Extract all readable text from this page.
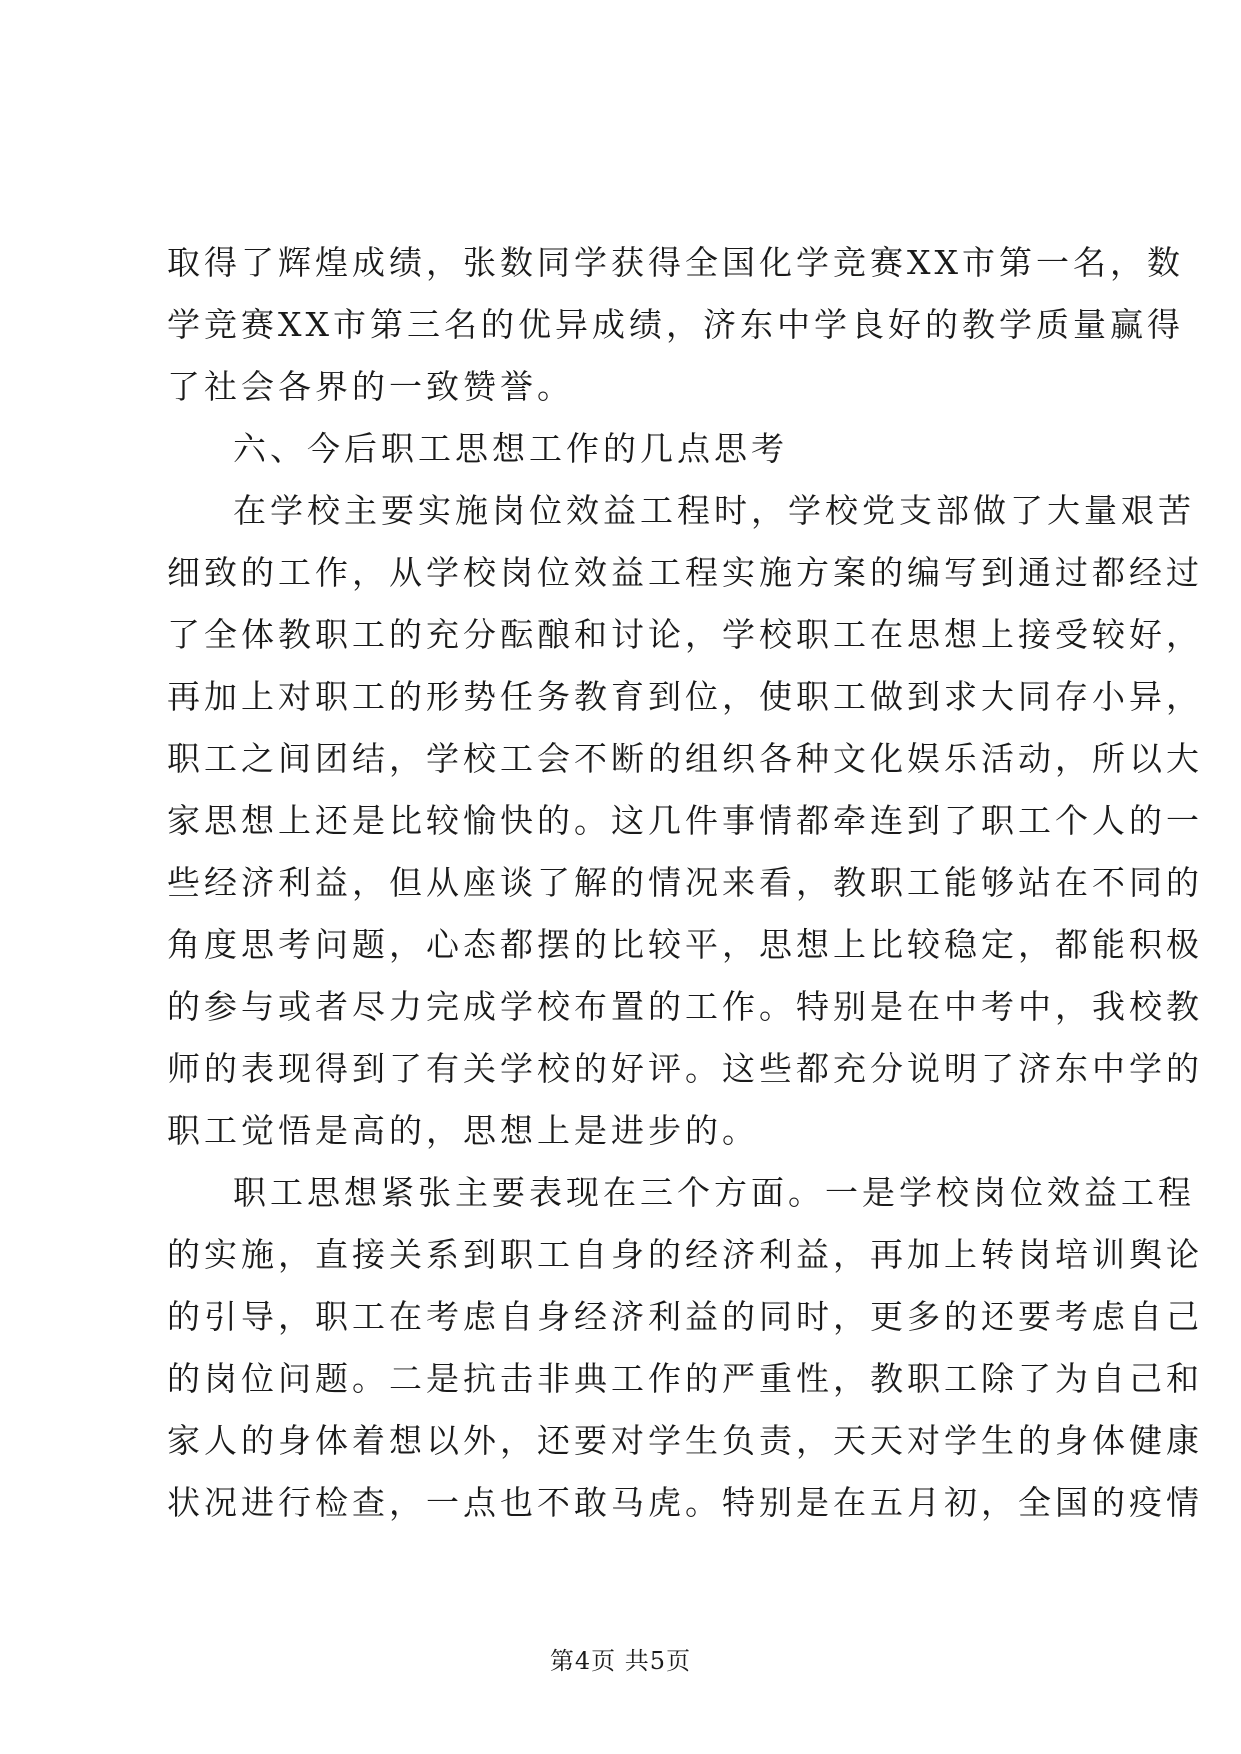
取得了辉煌成绩，张数同学获得全国化学竞赛XX市第一名，数
学竞赛XX市第三名的优异成绩，济东中学良好的教学质量赢得
了社会各界的一致赞誉。
六、今后职工思想工作的几点思考
在学校主要实施岗位效益工程时，学校党支部做了大量艰苦
细致的工作，从学校岗位效益工程实施方案的编写到通过都经过
了全体教职工的充分酝酿和讨论，学校职工在思想上接受较好，
再加上对职工的形势任务教育到位，使职工做到求大同存小异，
职工之间团结，学校工会不断的组织各种文化娱乐活动，所以大
家思想上还是比较愉快的。这几件事情都牵连到了职工个人的一
些经济利益，但从座谈了解的情况来看，教职工能够站在不同的
角度思考问题，心态都摆的比较平，思想上比较稳定，都能积极
的参与或者尽力完成学校布置的工作。特别是在中考中，我校教
师的表现得到了有关学校的好评。这些都充分说明了济东中学的
职工觉悟是高的，思想上是进步的。
职工思想紧张主要表现在三个方面。一是学校岗位效益工程
的实施，直接关系到职工自身的经济利益，再加上转岗培训舆论
的引导，职工在考虑自身经济利益的同时，更多的还要考虑自己
的岗位问题。二是抗击非典工作的严重性，教职工除了为自己和
家人的身体着想以外，还要对学生负责，天天对学生的身体健康
状况进行检查，一点也不敢马虎。特别是在五月初，全国的疫情
第4页 共5页
